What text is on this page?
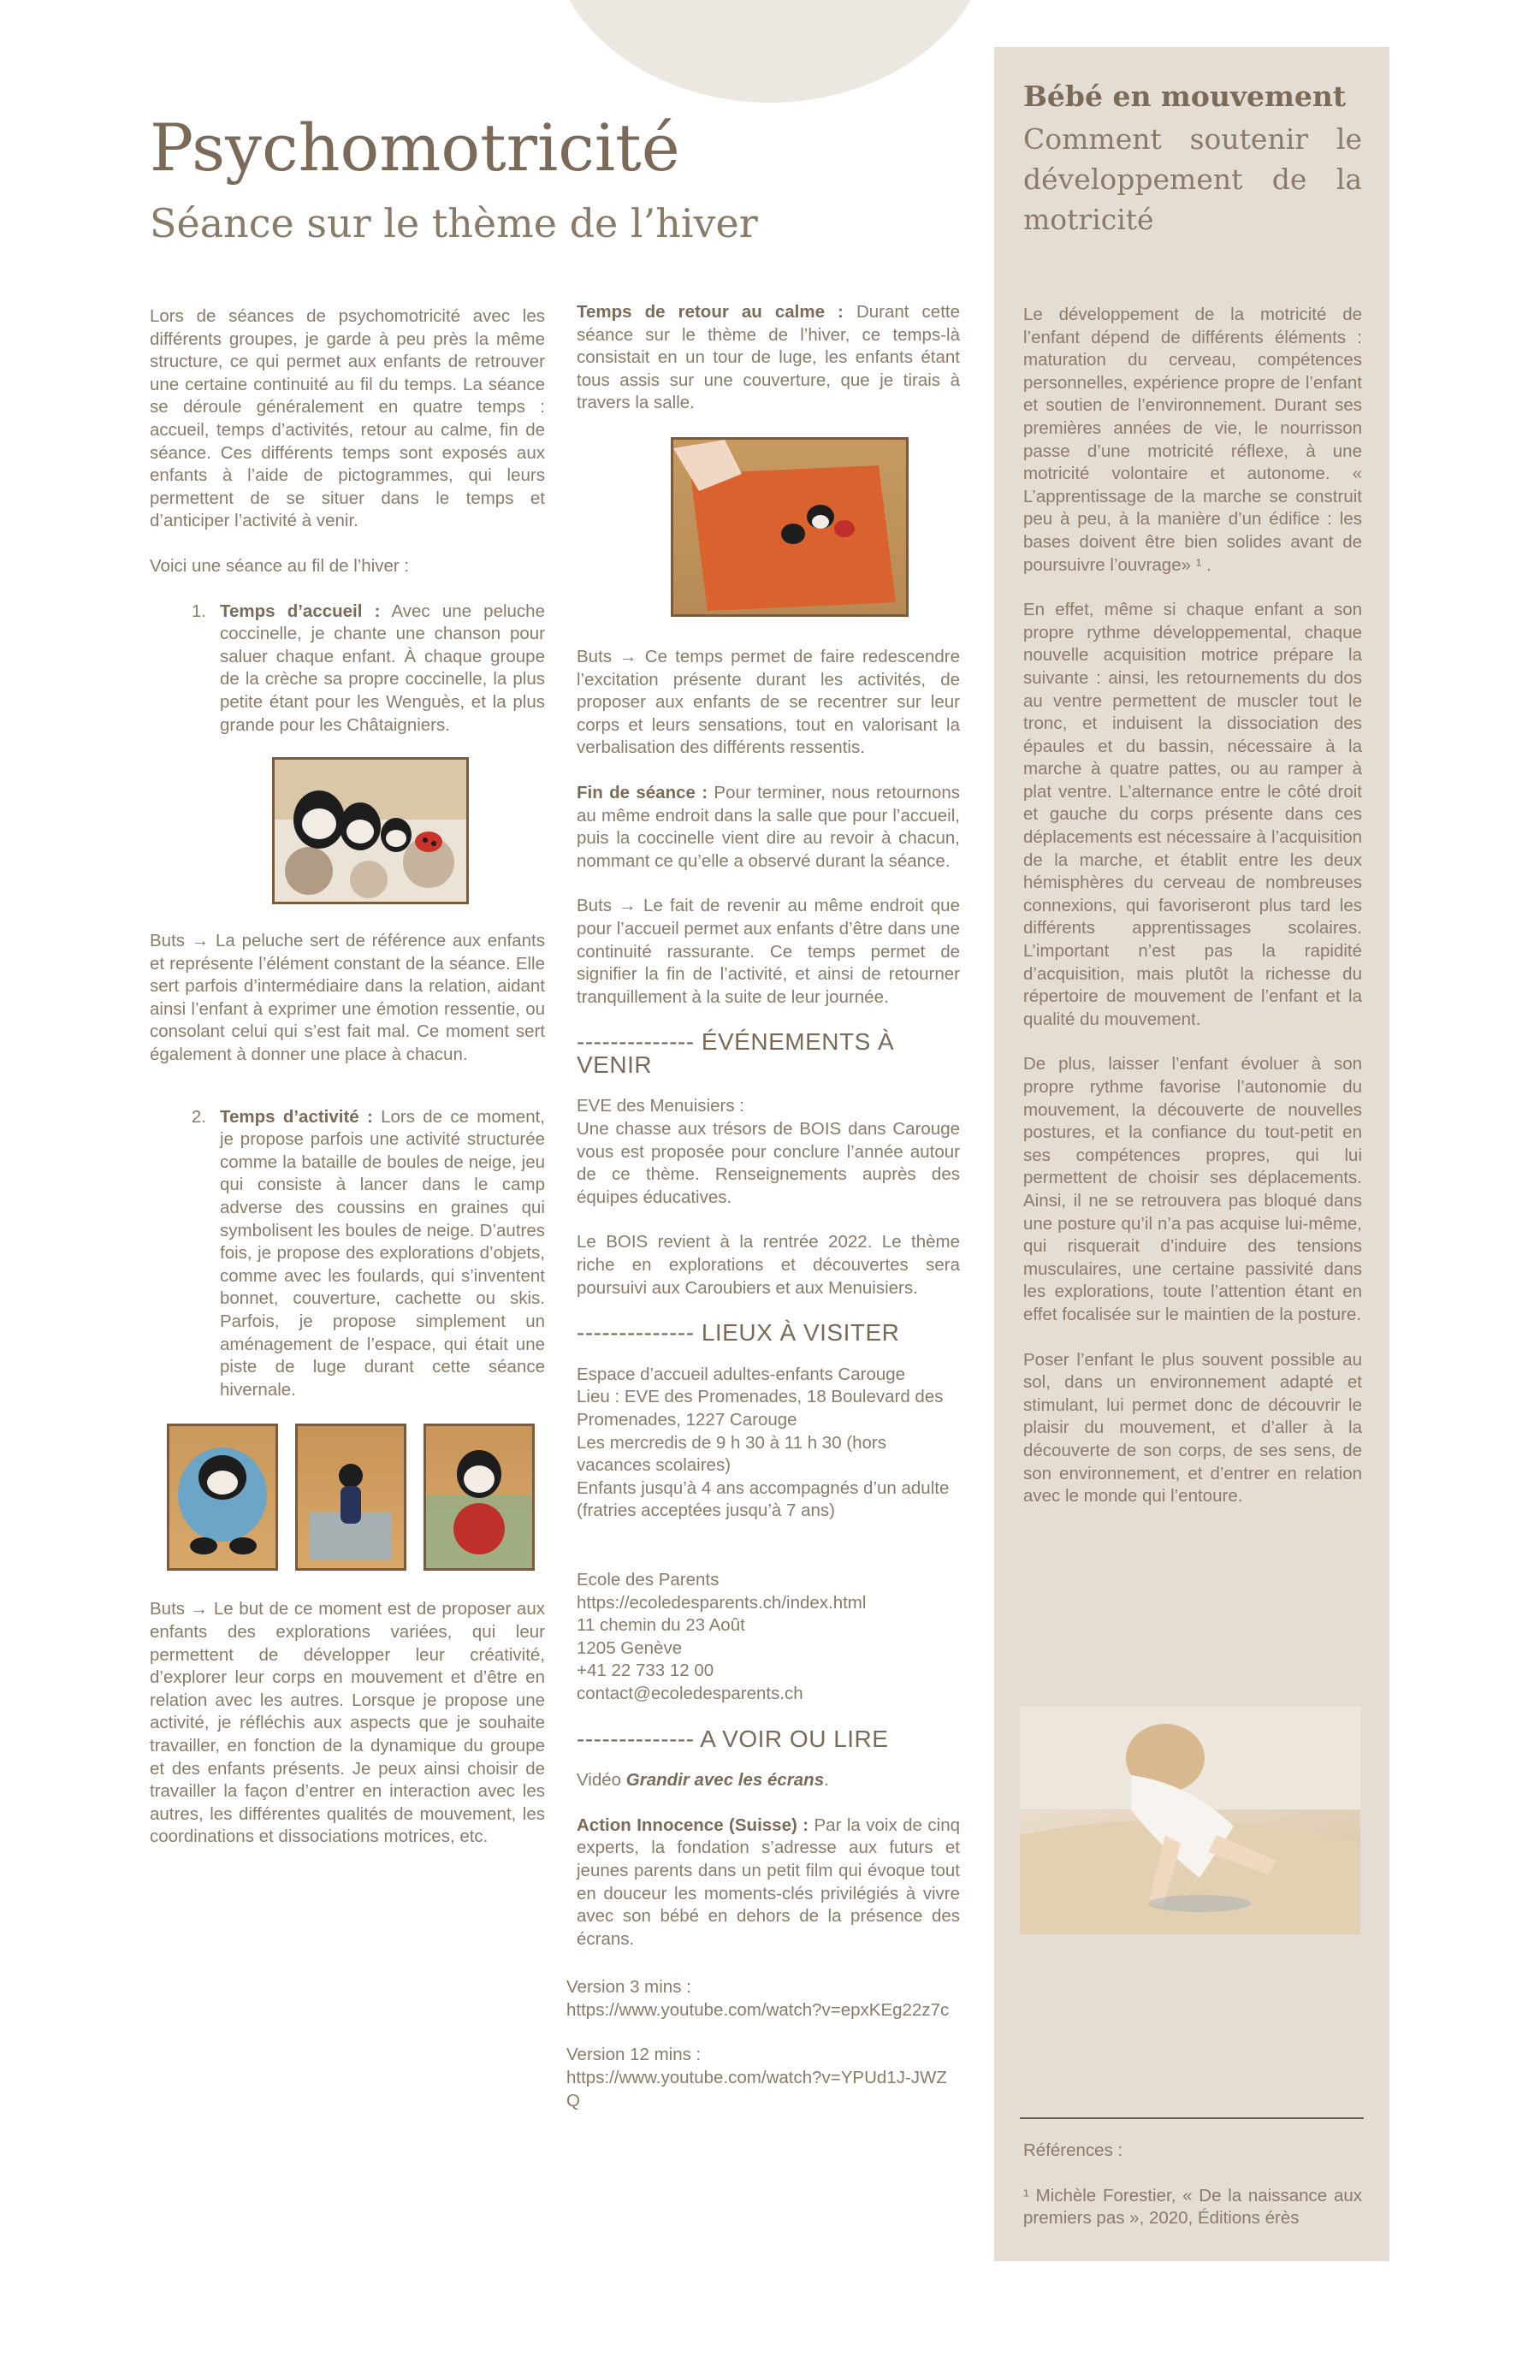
Psychomotricité
Séance sur le thème de l’hiver

Lors de séances de psychomotricité avec les différents groupes, je garde à peu près la même structure, ce qui permet aux enfants de retrouver une certaine continuité au fil du temps. La séance se déroule généralement en quatre temps : accueil, temps d’activités, retour au calme, fin de séance. Ces différents temps sont exposés aux enfants à l’aide de pictogrammes, qui leurs permettent de se situer dans le temps et d’anticiper l’activité à venir.

Voici une séance au fil de l’hiver :

1. Temps d’accueil : Avec une peluche coccinelle, je chante une chanson pour saluer chaque enfant. À chaque groupe de la crèche sa propre coccinelle, la plus petite étant pour les Wenguès, et la plus grande pour les Châtaigniers.

Buts → La peluche sert de référence aux enfants et représente l’élément constant de la séance. Elle sert parfois d’intermédiaire dans la relation, aidant ainsi l’enfant à exprimer une émotion ressentie, ou consolant celui qui s’est fait mal. Ce moment sert également à donner une place à chacun.

2. Temps d’activité : Lors de ce moment, je propose parfois une activité structurée comme la bataille de boules de neige, jeu qui consiste à lancer dans le camp adverse des coussins en graines qui symbolisent les boules de neige. D’autres fois, je propose des explorations d’objets, comme avec les foulards, qui s’inventent bonnet, couverture, cachette ou skis. Parfois, je propose simplement un aménagement de l’espace, qui était une piste de luge durant cette séance hivernale.

Buts → Le but de ce moment est de proposer aux enfants des explorations variées, qui leur permettent de développer leur créativité, d’explorer leur corps en mouvement et d’être en relation avec les autres. Lorsque je propose une activité, je réfléchis aux aspects que je souhaite travailler, en fonction de la dynamique du groupe et des enfants présents. Je peux ainsi choisir de travailler la façon d’entrer en interaction avec les autres, les différentes qualités de mouvement, les coordinations et dissociations motrices, etc.

Temps de retour au calme : Durant cette séance sur le thème de l’hiver, ce temps-là consistait en un tour de luge, les enfants étant tous assis sur une couverture, que je tirais à travers la salle.

Buts → Ce temps permet de faire redescendre l’excitation présente durant les activités, de proposer aux enfants de se recentrer sur leur corps et leurs sensations, tout en valorisant la verbalisation des différents ressentis.

Fin de séance : Pour terminer, nous retournons au même endroit dans la salle que pour l’accueil, puis la coccinelle vient dire au revoir à chacun, nommant ce qu’elle a observé durant la séance.

Buts → Le fait de revenir au même endroit que pour l’accueil permet aux enfants d’être dans une continuité rassurante. Ce temps permet de signifier la fin de l’activité, et ainsi de retourner tranquillement à la suite de leur journée.

-------------- ÉVÉNEMENTS À VENIR

EVE des Menuisiers :

Une chasse aux trésors de BOIS dans Carouge vous est proposée pour conclure l’année autour de ce thème. Renseignements auprès des équipes éducatives.

Le BOIS revient à la rentrée 2022. Le thème riche en explorations et découvertes sera poursuivi aux Caroubiers et aux Menuisiers.

-------------- LIEUX À VISITER
Espace d’accueil adultes-enfants Carouge
Lieu : EVE des Promenades, 18 Boulevard des Promenades, 1227 Carouge
Les mercredis de 9 h 30 à 11 h 30 (hors vacances scolaires)
Enfants jusqu’à 4 ans accompagnés d’un adulte (fratries acceptées jusqu’à 7 ans)
Ecole des Parents
https://ecoledesparents.ch/index.html
11 chemin du 23 Août
1205 Genève
+41 22 733 12 00
contact@ecoledesparents.ch
-------------- A VOIR OU LIRE

Vidéo Grandir avec les écrans.

Action Innocence (Suisse) : Par la voix de cinq experts, la fondation s’adresse aux futurs et jeunes parents dans un petit film qui évoque tout en douceur les moments-clés privilégiés à vivre avec son bébé en dehors de la présence des écrans.

Version 3 mins :
https://www.youtube.com/watch?v=epxKEg22z7c
Version 12 mins :
https://www.youtube.com/watch?v=YPUd1J-JWZQ
Bébé en mouvement

Comment soutenir le développement de la motricité

Le développement de la motricité de l’enfant dépend de différents éléments : maturation du cerveau, compétences personnelles, expérience propre de l’enfant et soutien de l’environnement. Durant ses premières années de vie, le nourrisson passe d’une motricité réflexe, à une motricité volontaire et autonome. « L’apprentissage de la marche se construit peu à peu, à la manière d’un édifice : les bases doivent être bien solides avant de poursuivre l’ouvrage» ¹ .

En effet, même si chaque enfant a son propre rythme développemental, chaque nouvelle acquisition motrice prépare la suivante : ainsi, les retournements du dos au ventre permettent de muscler tout le tronc, et induisent la dissociation des épaules et du bassin, nécessaire à la marche à quatre pattes, ou au ramper à plat ventre. L’alternance entre le côté droit et gauche du corps présente dans ces déplacements est nécessaire à l’acquisition de la marche, et établit entre les deux hémisphères du cerveau de nombreuses connexions, qui favoriseront plus tard les différents apprentissages scolaires. L’important n’est pas la rapidité d’acquisition, mais plutôt la richesse du répertoire de mouvement de l’enfant et la qualité du mouvement.

De plus, laisser l’enfant évoluer à son propre rythme favorise l’autonomie du mouvement, la découverte de nouvelles postures, et la confiance du tout-petit en ses compétences propres, qui lui permettent de choisir ses déplacements. Ainsi, il ne se retrouvera pas bloqué dans une posture qu’il n’a pas acquise lui-même, qui risquerait d’induire des tensions musculaires, une certaine passivité dans les explorations, toute l’attention étant en effet focalisée sur le maintien de la posture.

Poser l’enfant le plus souvent possible au sol, dans un environnement adapté et stimulant, lui permet donc de découvrir le plaisir du mouvement, et d’aller à la découverte de son corps, de ses sens, de son environnement, et d’entrer en relation avec le monde qui l’entoure.

Références :

¹ Michèle Forestier, « De la naissance aux premiers pas », 2020, Éditions érès
